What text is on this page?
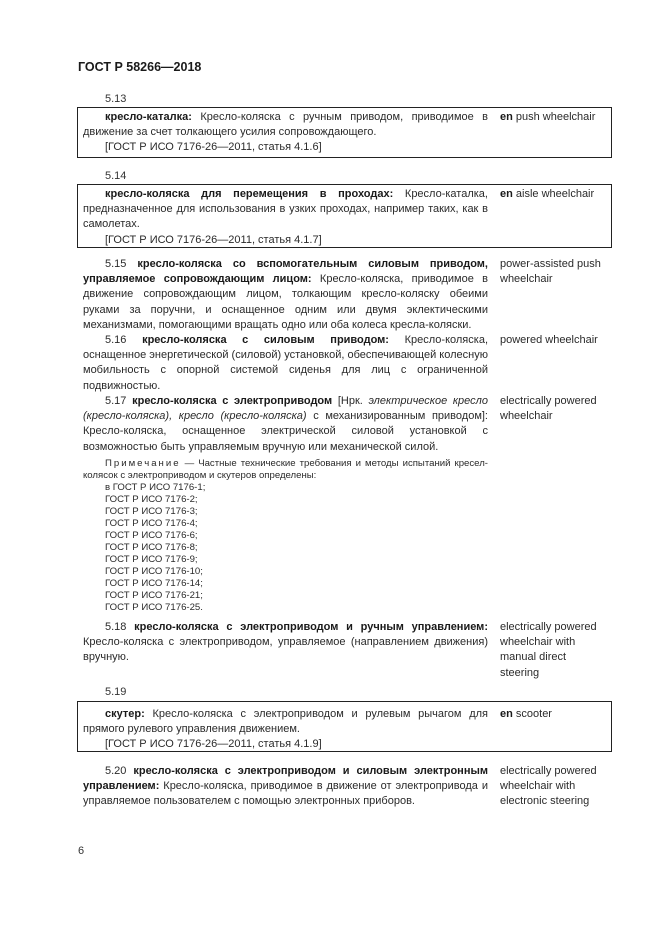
ГОСТ Р 58266—2018
5.13
кресло-каталка: Кресло-коляска с ручным приводом, приводимое в движение за счет толкающего усилия сопровождающего.
[ГОСТ Р ИСО 7176-26—2011, статья 4.1.6]
en push wheelchair
5.14
кресло-коляска для перемещения в проходах: Кресло-каталка, предназначенное для использования в узких проходах, например таких, как в самолетах.
[ГОСТ Р ИСО 7176-26—2011, статья 4.1.7]
en aisle wheelchair
5.15 кресло-коляска со вспомогательным силовым приводом, управляемое сопровождающим лицом: Кресло-коляска, приводимое в движение сопровождающим лицом, толкающим кресло-коляску обеими руками за поручни, и оснащенное одним или двумя эклектическими механизмами, помогающими вращать одно или оба колеса кресла-коляски.
power-assisted push wheelchair
5.16 кресло-коляска с силовым приводом: Кресло-коляска, оснащенное энергетической (силовой) установкой, обеспечивающей колесную мобильность с опорной системой сиденья для лиц с ограниченной подвижностью.
powered wheelchair
5.17 кресло-коляска с электроприводом [Нрк. электрическое кресло (кресло-коляска), кресло (кресло-коляска) с механизированным приводом]: Кресло-коляска, оснащенное электрической силовой установкой с возможностью быть управляемым вручную или механической силой.
electrically powered wheelchair
Примечание — Частные технические требования и методы испытаний кресел-колясок с электроприводом и скутеров определены:
в ГОСТ Р ИСО 7176-1;
ГОСТ Р ИСО 7176-2;
ГОСТ Р ИСО 7176-3;
ГОСТ Р ИСО 7176-4;
ГОСТ Р ИСО 7176-6;
ГОСТ Р ИСО 7176-8;
ГОСТ Р ИСО 7176-9;
ГОСТ Р ИСО 7176-10;
ГОСТ Р ИСО 7176-14;
ГОСТ Р ИСО 7176-21;
ГОСТ Р ИСО 7176-25.
5.18 кресло-коляска с электроприводом и ручным управлением: Кресло-коляска с электроприводом, управляемое (направлением движения) вручную.
electrically powered wheelchair with manual direct steering
5.19
скутер: Кресло-коляска с электроприводом и рулевым рычагом для прямого рулевого управления движением.
[ГОСТ Р ИСО 7176-26—2011, статья 4.1.9]
en scooter
5.20 кресло-коляска с электроприводом и силовым электронным управлением: Кресло-коляска, приводимое в движение от электропривода и управляемое пользователем с помощью электронных приборов.
electrically powered wheelchair with electronic steering
6
